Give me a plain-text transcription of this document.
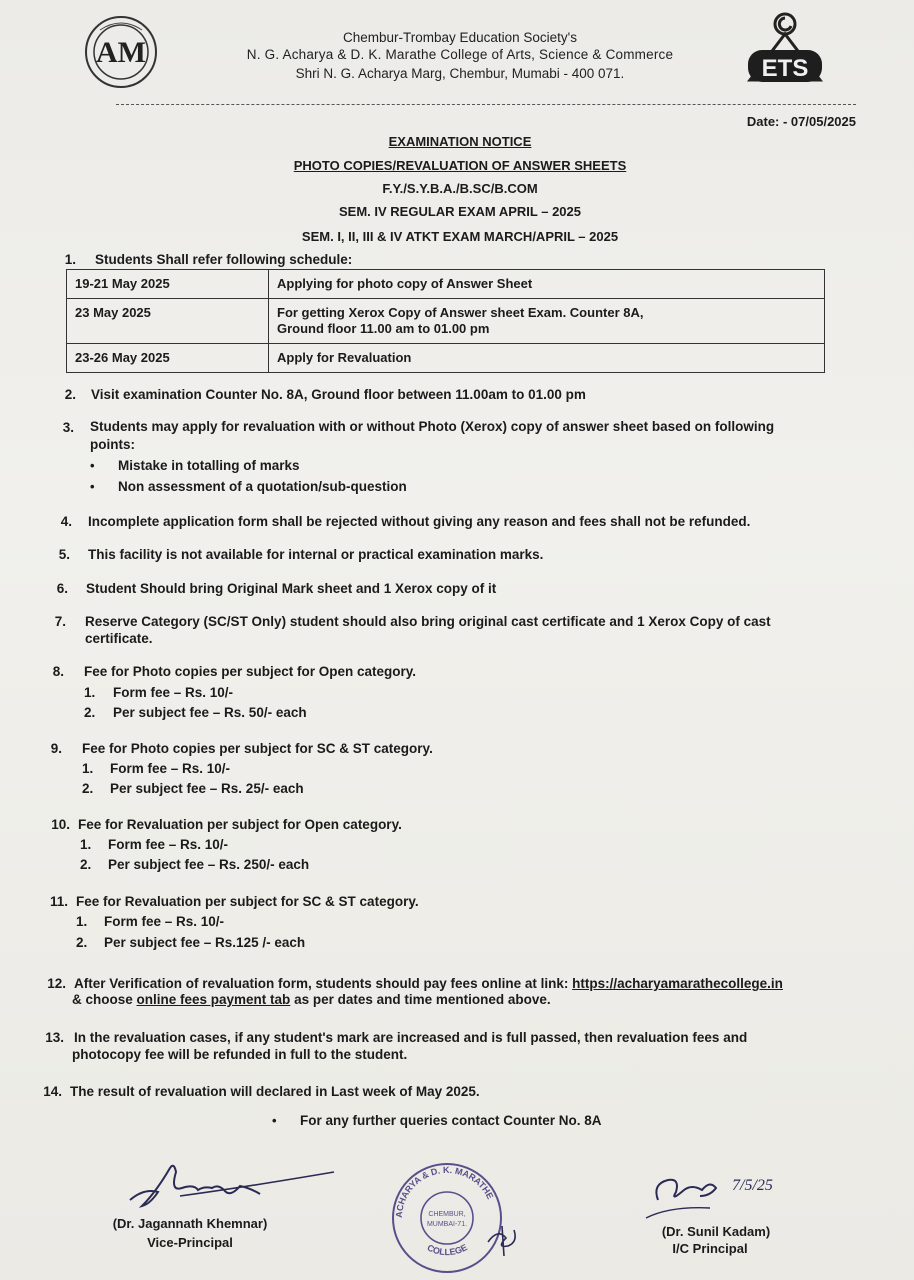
AM	Chembur-Trombay Education Society's
N. G. Acharya & D. K. Marathe College of Arts, Science & Commerce
Shri N. G. Acharya Marg, Chembur, Mumabi - 400 071.	ETS
Date: - 07/05/2025
EXAMINATION NOTICE
PHOTO COPIES/REVALUATION OF ANSWER SHEETS
F.Y./S.Y.B.A./B.SC/B.COM
SEM. IV REGULAR EXAM APRIL – 2025
SEM. I, II, III & IV ATKT EXAM MARCH/APRIL – 2025
1. Students Shall refer following schedule:
19-21 May 2025	Applying for photo copy of Answer Sheet
23 May 2025	For getting Xerox Copy of Answer sheet Exam. Counter 8A,
Ground floor 11.00 am to 01.00 pm

23-26 May 2025	Apply for Revaluation
2. Visit examination Counter No. 8A, Ground floor between 11.00am to 01.00 pm
3. Students may apply for revaluation with or without Photo (Xerox) copy of answer sheet based on following
points:
• Mistake in totalling of marks
• Non assessment of a quotation/sub-question
4. Incomplete application form shall be rejected without giving any reason and fees shall not be refunded.
5. This facility is not available for internal or practical examination marks.
6. Student Should bring Original Mark sheet and 1 Xerox copy of it
7. Reserve Category (SC/ST Only) student should also bring original cast certificate and 1 Xerox Copy of cast
certificate.
8. Fee for Photo copies per subject for Open category.
1. Form fee – Rs. 10/-
2. Per subject fee – Rs. 50/- each
9. Fee for Photo copies per subject for SC & ST category.
1. Form fee – Rs. 10/-
2. Per subject fee – Rs. 25/- each
10. Fee for Revaluation per subject for Open category.
1. Form fee – Rs. 10/-
2. Per subject fee – Rs. 250/- each
11. Fee for Revaluation per subject for SC & ST category.
1. Form fee – Rs. 10/-
2. Per subject fee – Rs.125 /- each
12. After Verification of revaluation form, students should pay fees online at link: https://acharyamarathecollege.in
& choose online fees payment tab as per dates and time mentioned above.
13. In the revaluation cases, if any student's mark are increased and is full passed, then revaluation fees and
photocopy fee will be refunded in full to the student.
14. The result of revaluation will declared in Last week of May 2025.
• For any further queries contact Counter No. 8A
(Dr. Jagannath Khemnar)
Vice-Principal
ACHARYA & D. K. MARATHE
COLLEGE
CHEMBUR,
MUMBAI-71.
7/5/25
(Dr. Sunil Kadam)
I/C Principal
